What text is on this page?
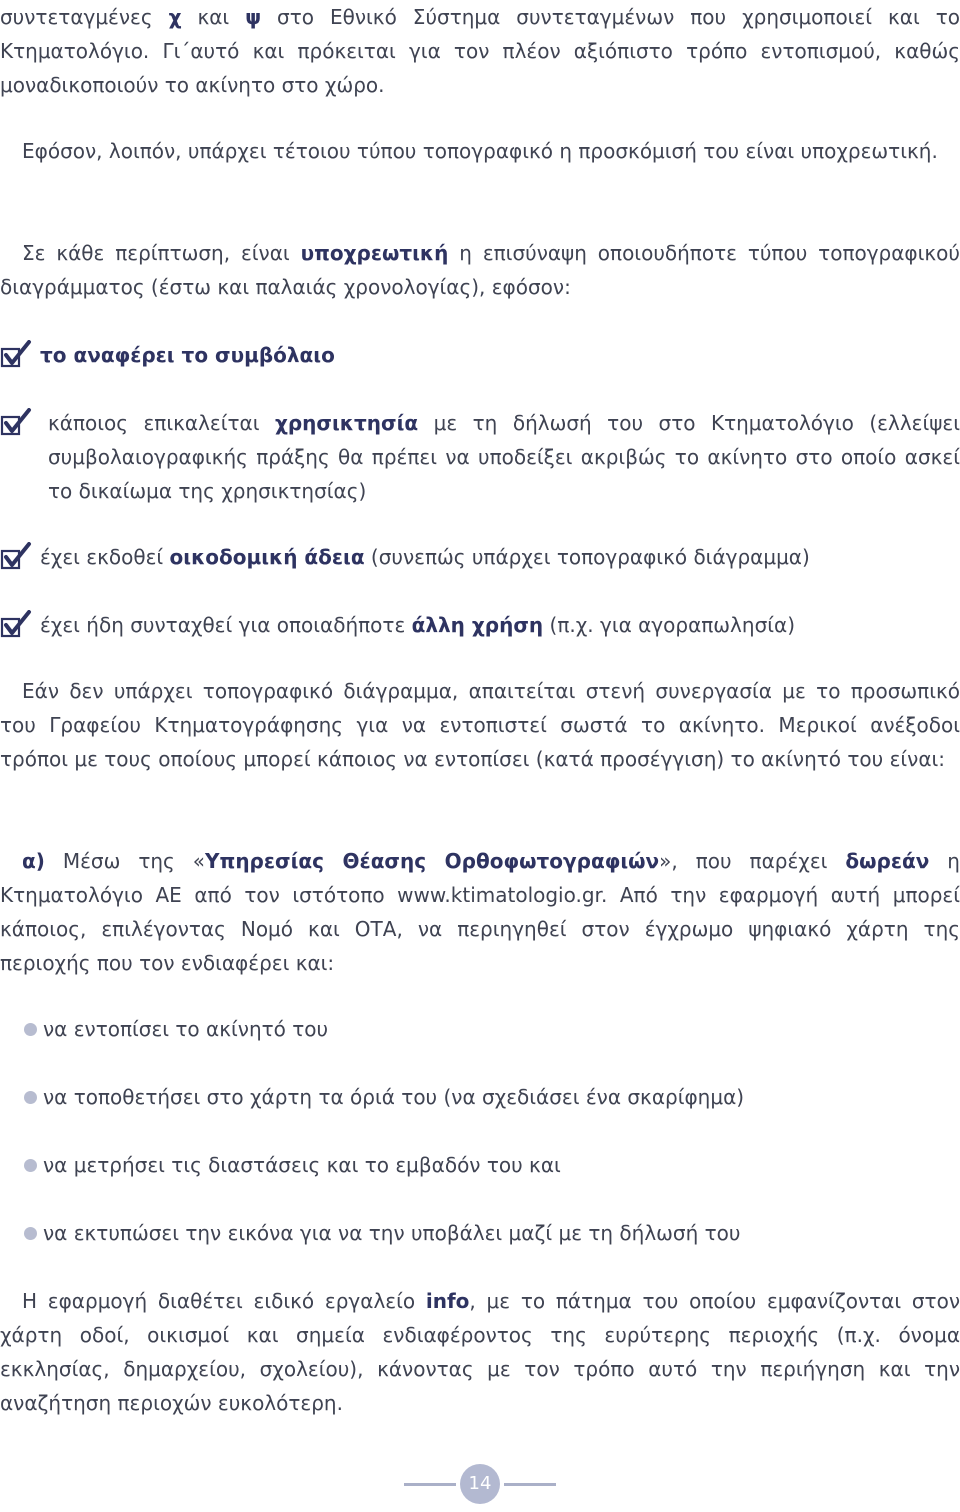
συντεταγμένες χ και ψ στο Εθνικό Σύστημα συντεταγμένων που χρησιμοποιεί και το Κτηματολόγιο. Γι΄αυτό και πρόκειται για τον πλέον αξιόπιστο τρόπο εντοπισμού, καθώς μοναδικοποιούν το ακίνητο στο χώρο.

Εφόσον, λοιπόν, υπάρχει τέτοιου τύπου τοπογραφικό η προσκόμισή του είναι υποχρεωτική.

Σε κάθε περίπτωση, είναι υποχρεωτική η επισύναψη οποιουδήποτε τύπου τοπογραφικού διαγράμματος (έστω και παλαιάς χρονολογίας), εφόσον:

το αναφέρει το συμβόλαιο
κάποιος επικαλείται χρησικτησία με τη δήλωσή του στο Κτηματολόγιο (ελλείψει συμβολαιογραφικής πράξης θα πρέπει να υποδείξει ακριβώς το ακίνητο στο οποίο ασκεί το δικαίωμα της χρησικτησίας)
έχει εκδοθεί οικοδομική άδεια (συνεπώς υπάρχει τοπογραφικό διάγραμμα)
έχει ήδη συνταχθεί για οποιαδήποτε άλλη χρήση (π.χ. για αγοραπωλησία)

Εάν δεν υπάρχει τοπογραφικό διάγραμμα, απαιτείται στενή συνεργασία με το προσωπικό του Γραφείου Κτηματογράφησης για να εντοπιστεί σωστά το ακίνητο. Μερικοί ανέξοδοι τρόποι με τους οποίους μπορεί κάποιος να εντοπίσει (κατά προσέγγιση) το ακίνητό του είναι:

α) Μέσω της «Υπηρεσίας Θέασης Ορθοφωτογραφιών», που παρέχει δωρεάν η Κτηματολόγιο ΑΕ από τον ιστότοπο www.ktimatologio.gr. Από την εφαρμογή αυτή μπορεί κάποιος, επιλέγοντας Νομό και ΟΤΑ, να περιηγηθεί στον έγχρωμο ψηφιακό χάρτη της περιοχής που τον ενδιαφέρει και:

να εντοπίσει το ακίνητό του
να τοποθετήσει στο χάρτη τα όριά του (να σχεδιάσει ένα σκαρίφημα)
να μετρήσει τις διαστάσεις και το εμβαδόν του και
να εκτυπώσει την εικόνα για να την υποβάλει μαζί με τη δήλωσή του

Η εφαρμογή διαθέτει ειδικό εργαλείο info, με το πάτημα του οποίου εμφανίζονται στον χάρτη οδοί, οικισμοί και σημεία ενδιαφέροντος της ευρύτερης περιοχής (π.χ. όνομα εκκλησίας, δημαρχείου, σχολείου), κάνοντας με τον τρόπο αυτό την περιήγηση και την αναζήτηση περιοχών ευκολότερη.

14
